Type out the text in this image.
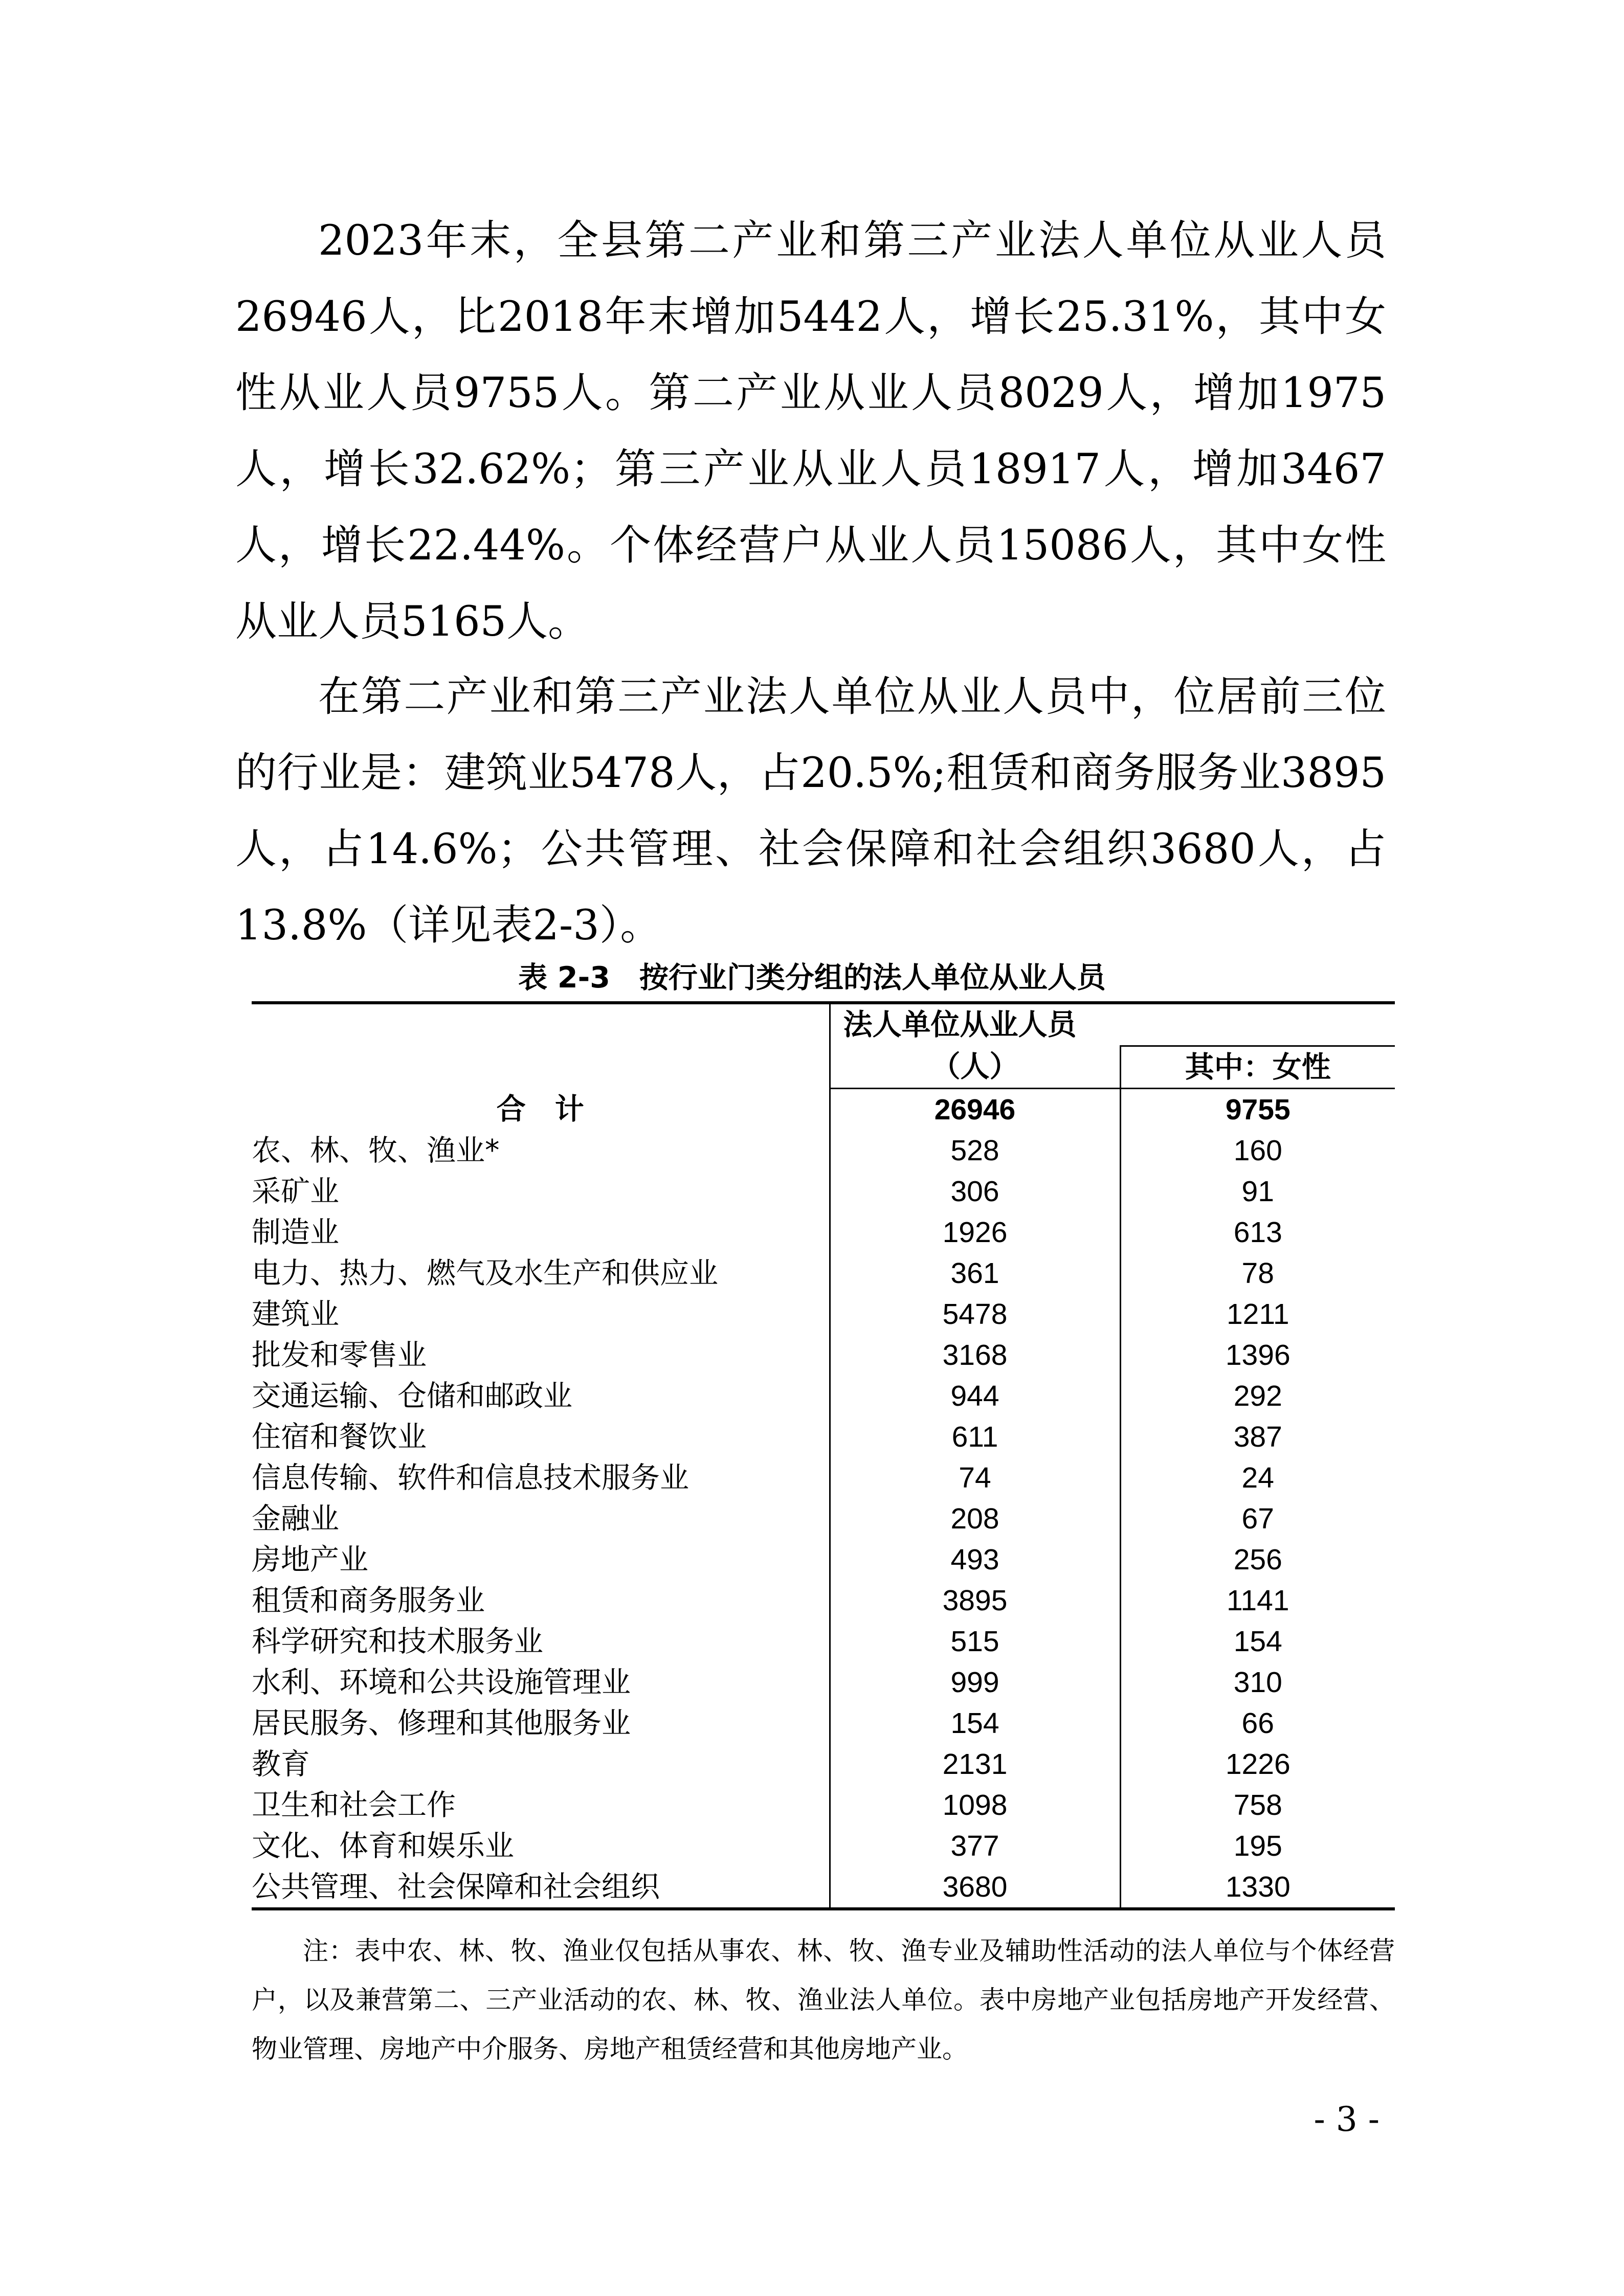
2023年末，全县第二产业和第三产业法人单位从业人员26946人，比2018年末增加5442人，增长25.31%，其中女性从业人员9755人。第二产业从业人员8029人，增加1975人，增长32.62%；第三产业从业人员18917人，增加3467人，增长22.44%。个体经营户从业人员15086人，其中女性从业人员5165人。

在第二产业和第三产业法人单位从业人员中，位居前三位的行业是：建筑业5478人，占20.5%;租赁和商务服务业3895人，占14.6%；公共管理、社会保障和社会组织3680人，占13.8%（详见表2-3）。

表 2-3　按行业门类分组的法人单位从业人员
	法人单位从业人员	
	（人）	其中：女性
合　计	26946	9755
农、林、牧、渔业*	528	160
采矿业	306	91
制造业	1926	613
电力、热力、燃气及水生产和供应业	361	78
建筑业	5478	1211
批发和零售业	3168	1396
交通运输、仓储和邮政业	944	292
住宿和餐饮业	611	387
信息传输、软件和信息技术服务业	74	24
金融业	208	67
房地产业	493	256
租赁和商务服务业	3895	1141
科学研究和技术服务业	515	154
水利、环境和公共设施管理业	999	310
居民服务、修理和其他服务业	154	66
教育	2131	1226
卫生和社会工作	1098	758
文化、体育和娱乐业	377	195
公共管理、社会保障和社会组织	3680	1330

注：表中农、林、牧、渔业仅包括从事农、林、牧、渔专业及辅助性活动的法人单位与个体经营户，以及兼营第二、三产业活动的农、林、牧、渔业法人单位。表中房地产业包括房地产开发经营、物业管理、房地产中介服务、房地产租赁经营和其他房地产业。

- 3 -
